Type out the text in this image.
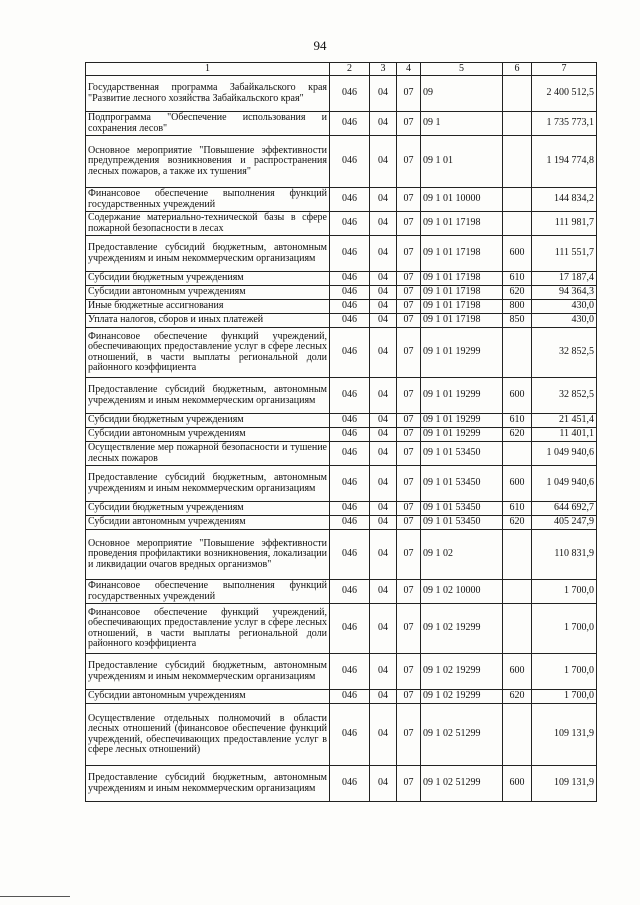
94
1	2	3	4	5	6	7
Государственная программа Забайкальского края "Развитие лесного хозяйства Забайкальского края"	046	04	07	09		2 400 512,5
Подпрограмма "Обеспечение использования и сохранения лесов"	046	04	07	09 1		1 735 773,1
Основное мероприятие "Повышение эффективности предупреждения возникновения и распространения лесных пожаров, а также их тушения"	046	04	07	09 1 01		1 194 774,8
Финансовое обеспечение выполнения функций государственных учреждений	046	04	07	09 1 01 10000		144 834,2
Содержание материально-технической базы в сфере пожарной безопасности в лесах	046	04	07	09 1 01 17198		111 981,7
Предоставление субсидий бюджетным, автономным учреждениям и иным некоммерческим организациям	046	04	07	09 1 01 17198	600	111 551,7
Субсидии бюджетным учреждениям	046	04	07	09 1 01 17198	610	17 187,4
Субсидии автономным учреждениям	046	04	07	09 1 01 17198	620	94 364,3
Иные бюджетные ассигнования	046	04	07	09 1 01 17198	800	430,0
Уплата налогов, сборов и иных платежей	046	04	07	09 1 01 17198	850	430,0
Финансовое обеспечение функций учреждений, обеспечивающих предоставление услуг в сфере лесных отношений, в части выплаты региональной доли районного коэффициента	046	04	07	09 1 01 19299		32 852,5
Предоставление субсидий бюджетным, автономным учреждениям и иным некоммерческим организациям	046	04	07	09 1 01 19299	600	32 852,5
Субсидии бюджетным учреждениям	046	04	07	09 1 01 19299	610	21 451,4
Субсидии автономным учреждениям	046	04	07	09 1 01 19299	620	11 401,1
Осуществление мер пожарной безопасности и тушение лесных пожаров	046	04	07	09 1 01 53450		1 049 940,6
Предоставление субсидий бюджетным, автономным учреждениям и иным некоммерческим организациям	046	04	07	09 1 01 53450	600	1 049 940,6
Субсидии бюджетным учреждениям	046	04	07	09 1 01 53450	610	644 692,7
Субсидии автономным учреждениям	046	04	07	09 1 01 53450	620	405 247,9
Основное мероприятие "Повышение эффективности проведения профилактики возникновения, локализации и ликвидации очагов вредных организмов"	046	04	07	09 1 02		110 831,9
Финансовое обеспечение выполнения функций государственных учреждений	046	04	07	09 1 02 10000		1 700,0
Финансовое обеспечение функций учреждений, обеспечивающих предоставление услуг в сфере лесных отношений, в части выплаты региональной доли районного коэффициента	046	04	07	09 1 02 19299		1 700,0
Предоставление субсидий бюджетным, автономным учреждениям и иным некоммерческим организациям	046	04	07	09 1 02 19299	600	1 700,0
Субсидии автономным учреждениям	046	04	07	09 1 02 19299	620	1 700,0
Осуществление отдельных полномочий в области лесных отношений (финансовое обеспечение функций учреждений, обеспечивающих предоставление услуг в сфере лесных отношений)	046	04	07	09 1 02 51299		109 131,9
Предоставление субсидий бюджетным, автономным учреждениям и иным некоммерческим организациям	046	04	07	09 1 02 51299	600	109 131,9
